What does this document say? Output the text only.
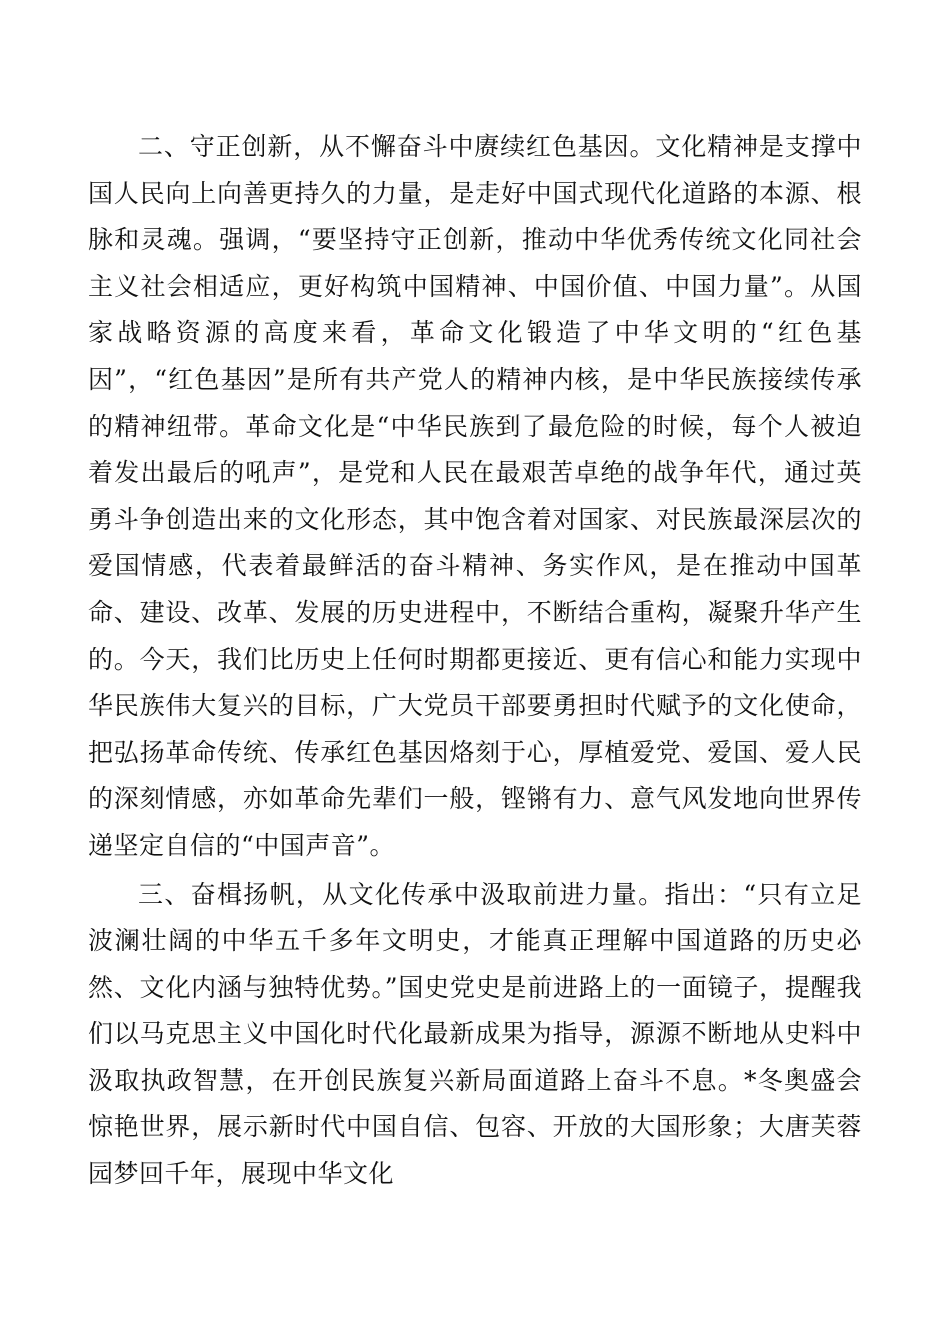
二、守正创新，从不懈奋斗中赓续红色基因。文化精神是支撑中国人民向上向善更持久的力量，是走好中国式现代化道路的本源、根脉和灵魂。强调，“要坚持守正创新，推动中华优秀传统文化同社会主义社会相适应，更好构筑中国精神、中国价值、中国力量”。从国家战略资源的高度来看，革命文化锻造了中华文明的“红色基因”，“红色基因”是所有共产党人的精神内核，是中华民族接续传承的精神纽带。革命文化是“中华民族到了最危险的时候，每个人被迫着发出最后的吼声”，是党和人民在最艰苦卓绝的战争年代，通过英勇斗争创造出来的文化形态，其中饱含着对国家、对民族最深层次的爱国情感，代表着最鲜活的奋斗精神、务实作风，是在推动中国革命、建设、改革、发展的历史进程中，不断结合重构，凝聚升华产生的。今天，我们比历史上任何时期都更接近、更有信心和能力实现中华民族伟大复兴的目标，广大党员干部要勇担时代赋予的文化使命，把弘扬革命传统、传承红色基因烙刻于心，厚植爱党、爱国、爱人民的深刻情感，亦如革命先辈们一般，铿锵有力、意气风发地向世界传递坚定自信的“中国声音”。

三、奋楫扬帆，从文化传承中汲取前进力量。指出：“只有立足波澜壮阔的中华五千多年文明史，才能真正理解中国道路的历史必然、文化内涵与独特优势。”国史党史是前进路上的一面镜子，提醒我们以马克思主义中国化时代化最新成果为指导，源源不断地从史料中汲取执政智慧，在开创民族复兴新局面道路上奋斗不息。*冬奥盛会惊艳世界，展示新时代中国自信、包容、开放的大国形象；大唐芙蓉园梦回千年，展现中华文化
